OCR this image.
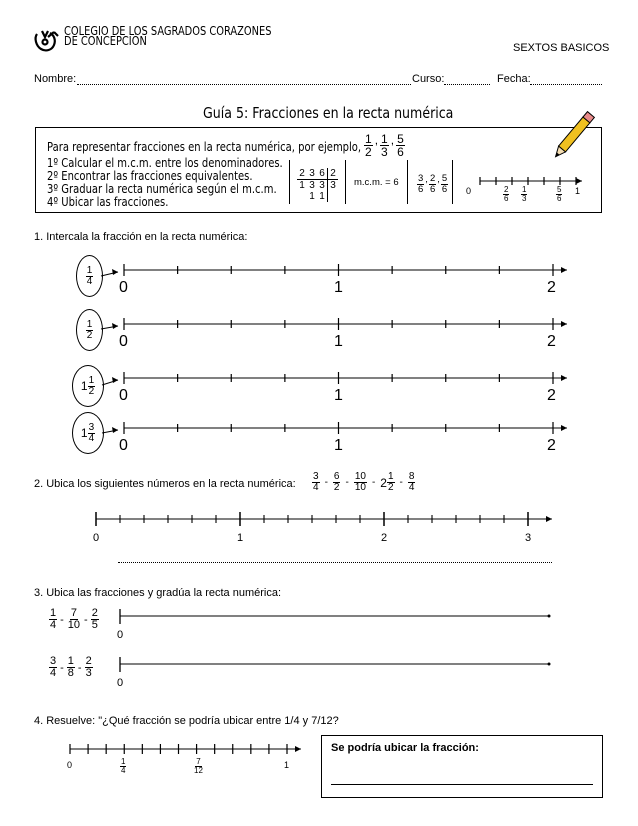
COLEGIO DE LOS SAGRADOS CORAZONES
DE CONCEPCIÓN	SEXTOS BASICOS
Nombre:	Curso:	Fecha:
Guía 5: Fracciones en la recta numérica
Para representar fracciones en la recta numérica, por ejemplo, $\frac{1}{2}$ , $\frac{1}{3}$ , $\frac{5}{6}$
1º Calcular el m.c.m. entre los denominadores.
2º Encontrar las fracciones equivalentes.
3º Graduar la recta numérica según el m.c.m.
4º Ubicar las fracciones.
2 3 6 2
1 3 3 3
1 1
m.c.m. = $6 \frac{3}{6}$ , $\frac{2}{6}$ , $\frac{5}{6} 0$	1
$\frac{2}{6} \frac{1}{3}$	$\frac{5}{6}$
1. Intercala la fracción en la recta numérica:
$\frac{1}{4}$
$\frac{1}{2}$
$1 \frac{1}{2}$
$1 \frac{3}{4}$
0	1	2
0	1	2
0	1	2
0	1	2
2. Ubica los siguientes números en la recta numérica: $\frac{3}{4} - \frac{6}{2} - \frac{10}{10} - 2 \frac{1}{2} - \frac{8}{4}$
0	1	2	3
3. Ubica las fracciones y gradúa la recta numérica:
$\frac{1}{4} - \frac{7}{10} - \frac{2}{5}$
$\frac{3}{4} - \frac{1}{8} - \frac{2}{3}$
0
0
4. Resuelve: "¿Qué fracción se podría ubicar entre 1/4 y 7/12?
0	$\frac{1}{4}$	$\frac{7}{12}$	1
Se podría ubicar la fracción:
